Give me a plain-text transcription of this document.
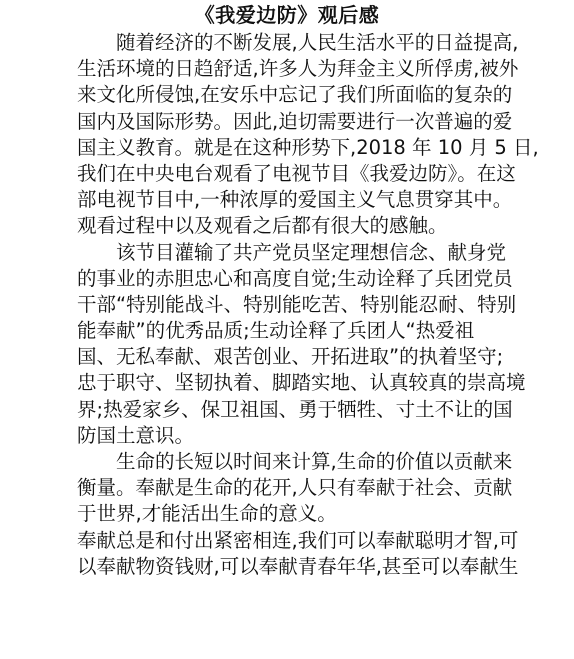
《我爱边防》观后感
随着经济的不断发展,人民生活水平的日益提高,
生活环境的日趋舒适,许多人为拜金主义所俘虏,被外
来文化所侵蚀,在安乐中忘记了我们所面临的复杂的
国内及国际形势。因此,迫切需要进行一次普遍的爱
国主义教育。就是在这种形势下,2018 年 10 月 5 日,
我们在中央电台观看了电视节目《我爱边防》。在这
部电视节目中,一种浓厚的爱国主义气息贯穿其中。
观看过程中以及观看之后都有很大的感触。
该节目灌输了共产党员坚定理想信念、献身党
的事业的赤胆忠心和高度自觉;生动诠释了兵团党员
干部“特别能战斗、特别能吃苦、特别能忍耐、特别
能奉献”的优秀品质;生动诠释了兵团人“热爱祖
国、无私奉献、艰苦创业、开拓进取”的执着坚守;
忠于职守、坚韧执着、脚踏实地、认真较真的崇高境
界;热爱家乡、保卫祖国、勇于牺牲、寸土不让的国
防国土意识。
生命的长短以时间来计算,生命的价值以贡献来
衡量。奉献是生命的花开,人只有奉献于社会、贡献
于世界,才能活出生命的意义。
奉献总是和付出紧密相连,我们可以奉献聪明才智,可
以奉献物资钱财,可以奉献青春年华,甚至可以奉献生
